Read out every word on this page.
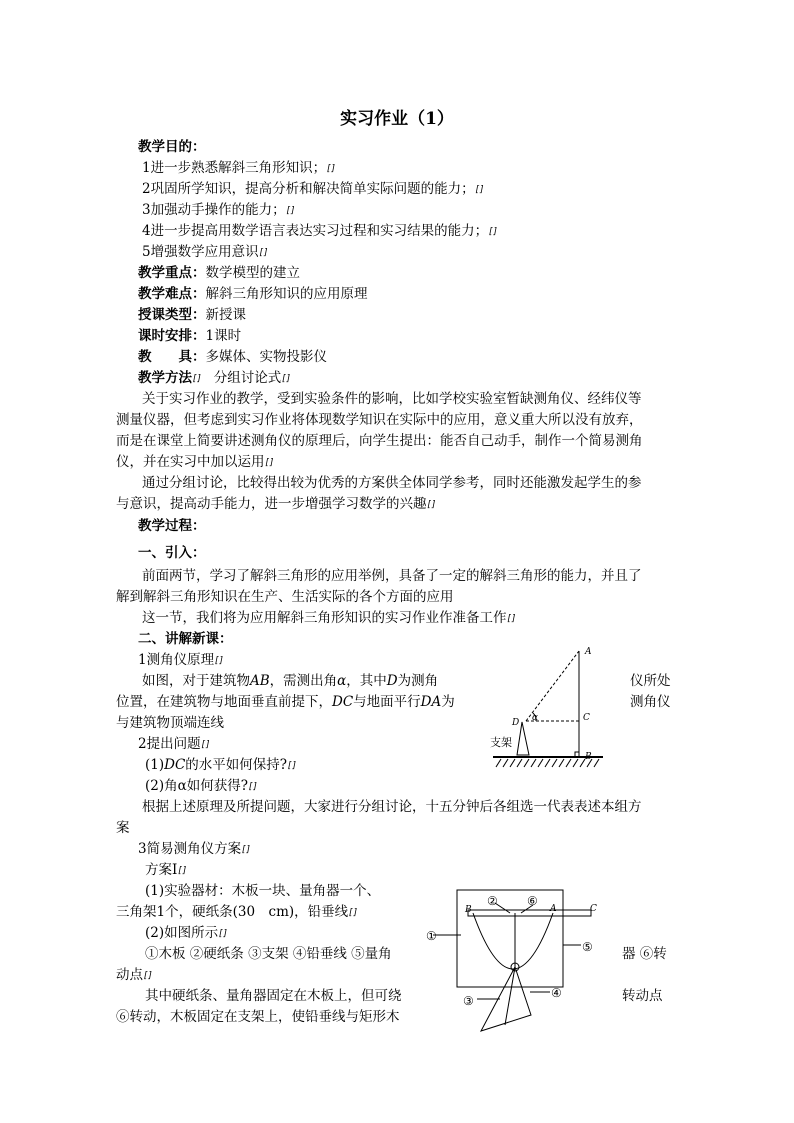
实习作业（1）
教学目的：
1进一步熟悉解斜三角形知识；[]
2巩固所学知识，提高分析和解决简单实际问题的能力；[]
3加强动手操作的能力；[]
4进一步提高用数学语言表达实习过程和实习结果的能力；[]
5增强数学应用意识[]
教学重点：数学模型的建立
教学难点：解斜三角形知识的应用原理
授课类型：新授课
课时安排：1课时
教　　具：多媒体、实物投影仪
教学方法[] 分组讨论式[]
关于实习作业的教学，受到实验条件的影响，比如学校实验室暂缺测角仪、经纬仪等
测量仪器，但考虑到实习作业将体现数学知识在实际中的应用，意义重大所以没有放弃，
而是在课堂上简要讲述测角仪的原理后，向学生提出：能否自己动手，制作一个简易测角
仪，并在实习中加以运用[]
通过分组讨论，比较得出较为优秀的方案供全体同学参考，同时还能激发起学生的参
与意识，提高动手能力，进一步增强学习数学的兴趣[]
教学过程：
一、引入：
前面两节，学习了解斜三角形的应用举例，具备了一定的解斜三角形的能力，并且了
解到解斜三角形知识在生产、生活实际的各个方面的应用
这一节，我们将为应用解斜三角形知识的实习作业作准备工作[]
二、讲解新课：
1测角仪原理[]
如图，对于建筑物AB，需测出角α，其中D为测角	仪所处
位置，在建筑物与地面垂直前提下，DC与地面平行DA为	测角仪
与建筑物顶端连线
2提出问题[]
(1)DC的水平如何保持?[]
(2)角α如何获得?[]
根据上述原理及所提问题，大家进行分组讨论，十五分钟后各组选一代表表述本组方
案
3简易测角仪方案[]
方案Ⅰ[]
(1)实验器材：木板一块、量角器一个、
三角架1个，硬纸条(30　cm)，铅垂线[]
(2)如图所示[]
①木板 ②硬纸条 ③支架 ④铅垂线 ⑤量角	器 ⑥转
动点[]
其中硬纸条、量角器固定在木板上，但可绕	转动点
⑥转动，木板固定在支架上，使铅垂线与矩形木
A
B
C
D α
支架
B	A	C
①
②
③
④
⑤
⑥
